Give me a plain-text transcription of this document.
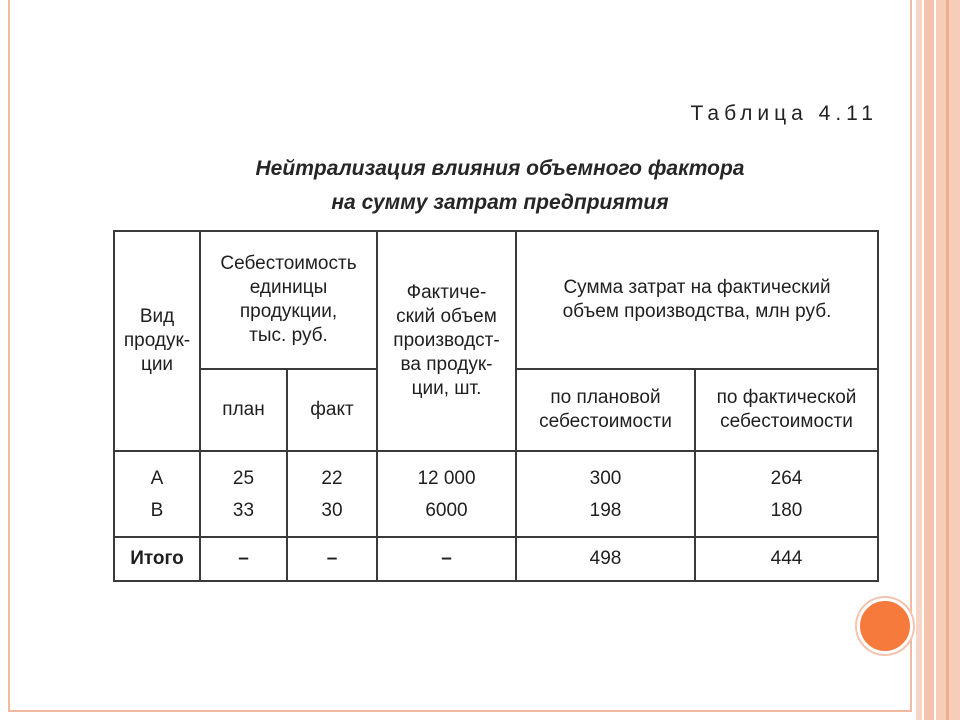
Таблица 4.11
Нейтрализация влияния объемного фактора
на сумму затрат предприятия
Вид
продук-
ции	Себестоимость
единицы
продукции,
тыс. руб.		Фактиче-
ский объем
производст-
ва продук-
ции, шт.	Сумма затрат на фактический
объем производства, млн руб.	
	план	факт		по плановой
себестоимости	по фактической
себестоимости
А	25	22	12 000	300	264
В	33	30	6000	198	180
Итого	–	–	–	498	444
